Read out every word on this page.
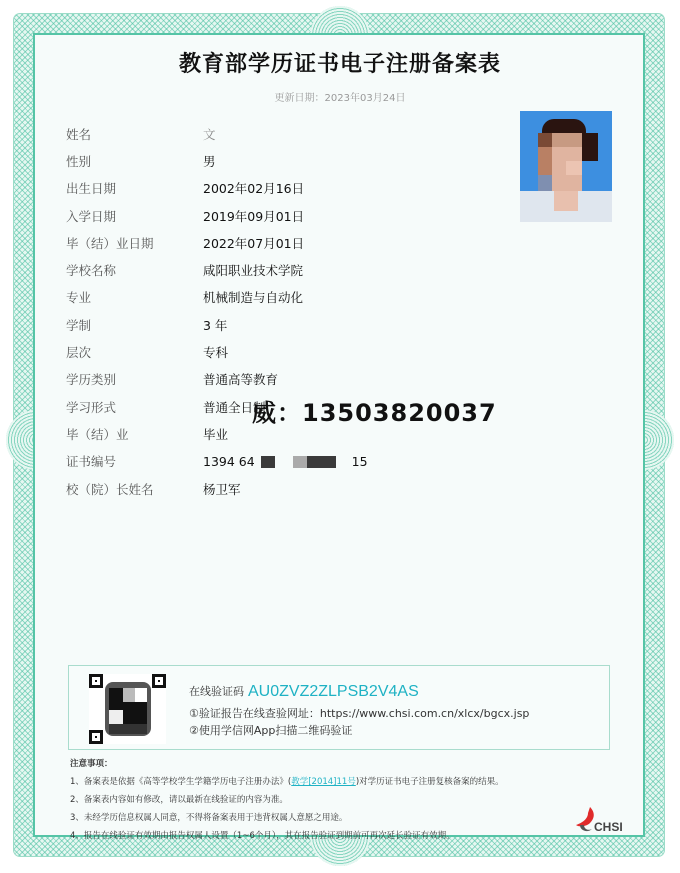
教育部学历证书电子注册备案表
更新日期：2023年03月24日
姓名	文
性别	男
出生日期	2002年02月16日
入学日期	2019年09月01日
毕（结）业日期	2022年07月01日
学校名称	咸阳职业技术学院
专业	机械制造与自动化
学制	3 年
层次	专科
学历类别	普通高等教育
学习形式	普通全日制
毕（结）业	毕业
证书编号	1394 64	15
校（院）长姓名	杨卫军
威：13503820037
在线验证码 AU0ZVZ2ZLPSB2V4AS
①验证报告在线查验网址：https://www.chsi.com.cn/xlcx/bgcx.jsp
②使用学信网App扫描二维码验证
注意事项：
1、备案表是依据《高等学校学生学籍学历电子注册办法》(教学[2014]11号)对学历证书电子注册复核备案的结果。
2、备案表内容如有修改，请以最新在线验证的内容为准。
3、未经学历信息权属人同意，不得将备案表用于违背权属人意愿之用途。
4、报告在线验证有效期由报告权属人设置（1~6个月），其在报告验证到期前可再次延长验证有效期。
CHSI
